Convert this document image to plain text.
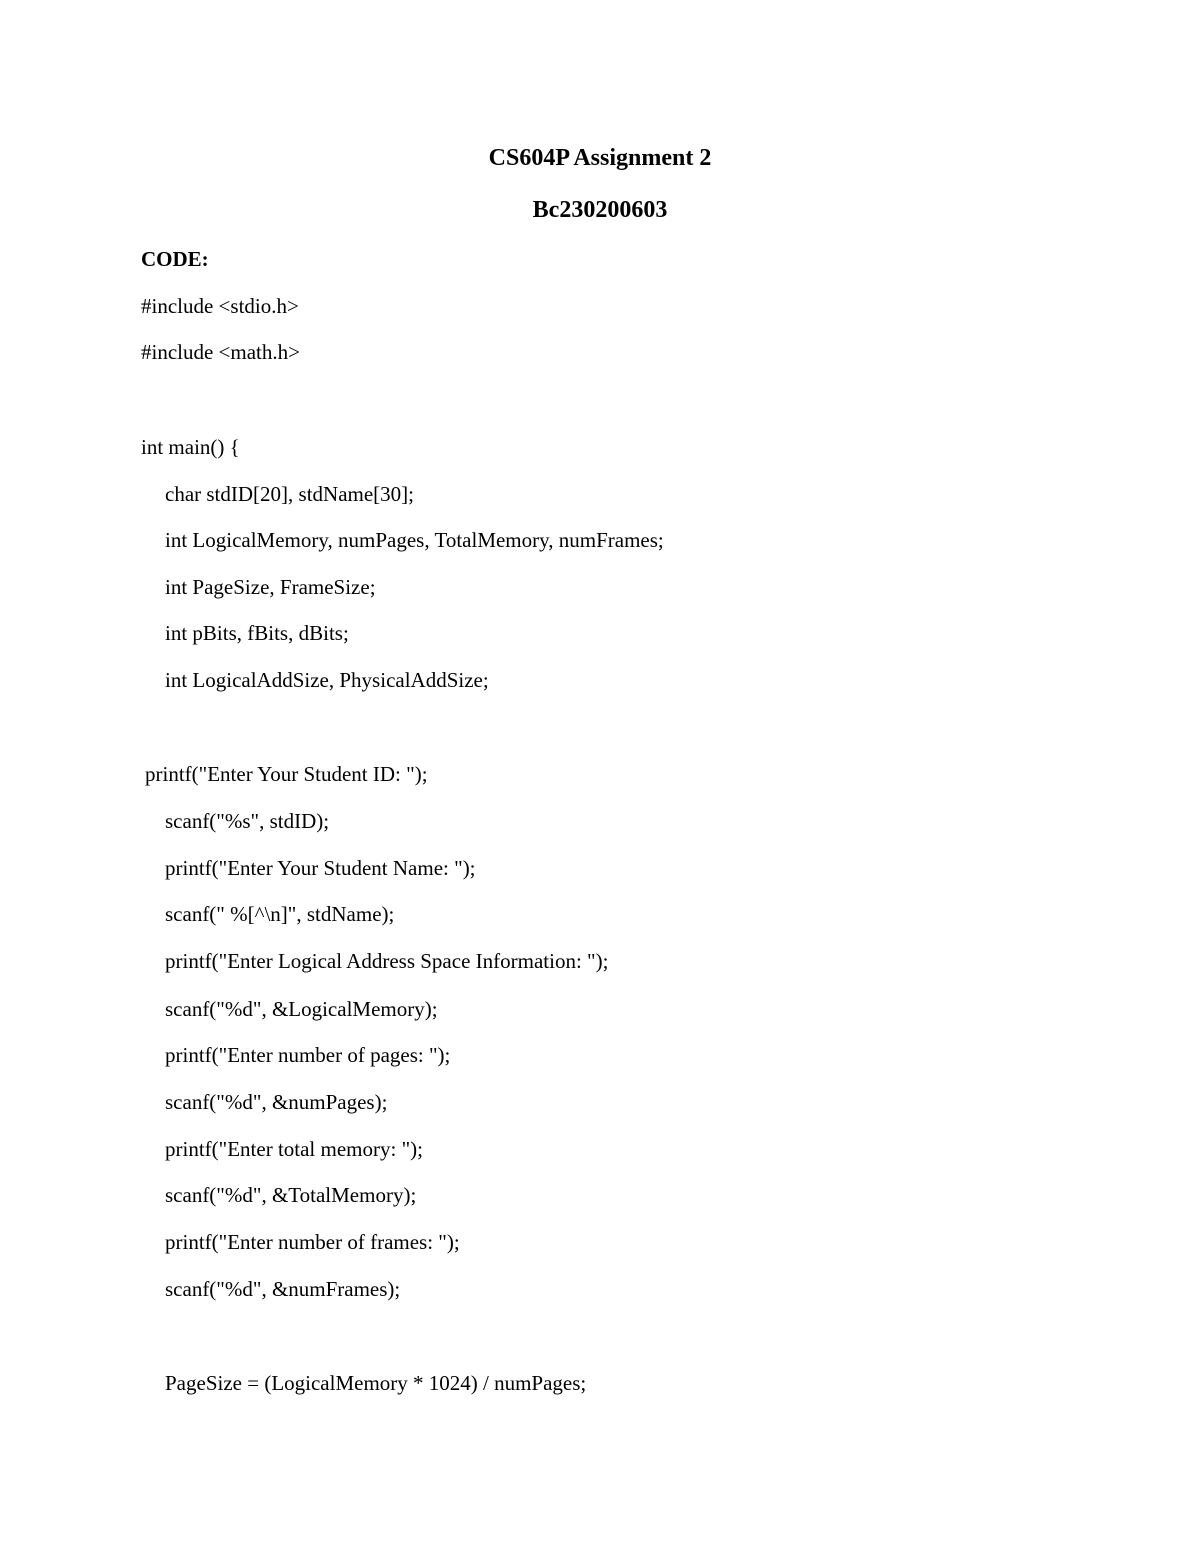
CS604P Assignment 2
Bc230200603

CODE:

#include <stdio.h>
#include <math.h>
int main() {
char stdID[20], stdName[30];
int LogicalMemory, numPages, TotalMemory, numFrames;
int PageSize, FrameSize;
int pBits, fBits, dBits;
int LogicalAddSize, PhysicalAddSize;
printf("Enter Your Student ID: ");
scanf("%s", stdID);
printf("Enter Your Student Name: ");
scanf(" %[^\n]", stdName);
printf("Enter Logical Address Space Information: ");
scanf("%d", &LogicalMemory);
printf("Enter number of pages: ");
scanf("%d", &numPages);
printf("Enter total memory: ");
scanf("%d", &TotalMemory);
printf("Enter number of frames: ");
scanf("%d", &numFrames);
PageSize = (LogicalMemory * 1024) / numPages;
